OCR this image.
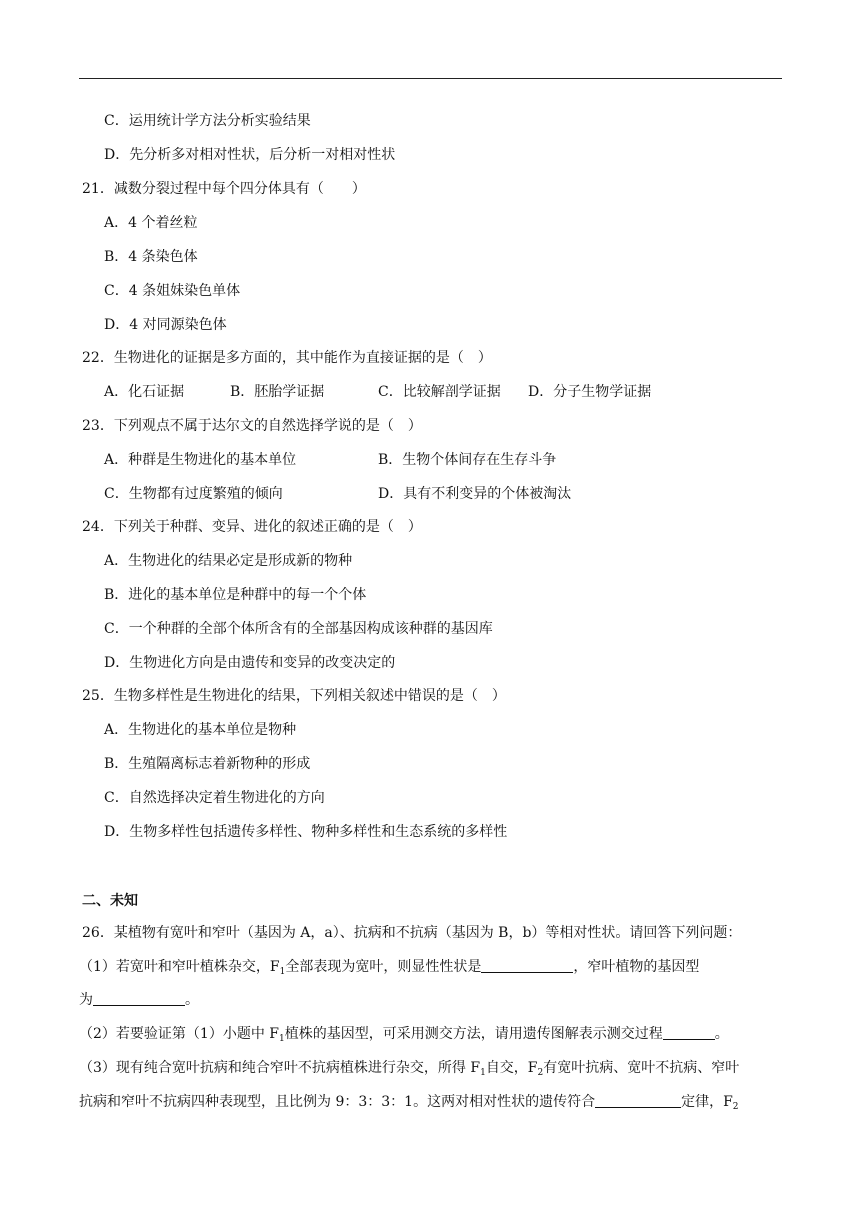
C．运用统计学方法分析实验结果
D．先分析多对相对性状，后分析一对相对性状
21．减数分裂过程中每个四分体具有（　　）
A．4 个着丝粒
B．4 条染色体
C．4 条姐妹染色单体
D．4 对同源染色体
22．生物进化的证据是多方面的，其中能作为直接证据的是（　）
A．化石证据	B．胚胎学证据	C．比较解剖学证据 D．分子生物学证据
23．下列观点不属于达尔文的自然选择学说的是（　）
A．种群是生物进化的基本单位	B．生物个体间存在生存斗争
C．生物都有过度繁殖的倾向	D．具有不利变异的个体被淘汰
24．下列关于种群、变异、进化的叙述正确的是（　）
A．生物进化的结果必定是形成新的物种
B．进化的基本单位是种群中的每一个个体
C．一个种群的全部个体所含有的全部基因构成该种群的基因库
D．生物进化方向是由遗传和变异的改变决定的
25．生物多样性是生物进化的结果，下列相关叙述中错误的是（　）
A．生物进化的基本单位是物种
B．生殖隔离标志着新物种的形成
C．自然选择决定着生物进化的方向
D．生物多样性包括遗传多样性、物种多样性和生态系统的多样性
二、未知
26．某植物有宽叶和窄叶（基因为 A，a）、抗病和不抗病（基因为 B，b）等相对性状。请回答下列问题：
（1）若宽叶和窄叶植株杂交，$F_1$全部表现为宽叶，则显性性状是	，窄叶植物的基因型
为	。
（2）若要验证第（1）小题中 $F_1$植株的基因型，可采用测交方法，请用遗传图解表示测交过程	。
（3）现有纯合宽叶抗病和纯合窄叶不抗病植株进行杂交，所得 $F_1$自交，$F_2$有宽叶抗病、宽叶不抗病、窄叶
抗病和窄叶不抗病四种表现型，且比例为 9：3：3：1。这两对相对性状的遗传符合	定律，$F_2$
